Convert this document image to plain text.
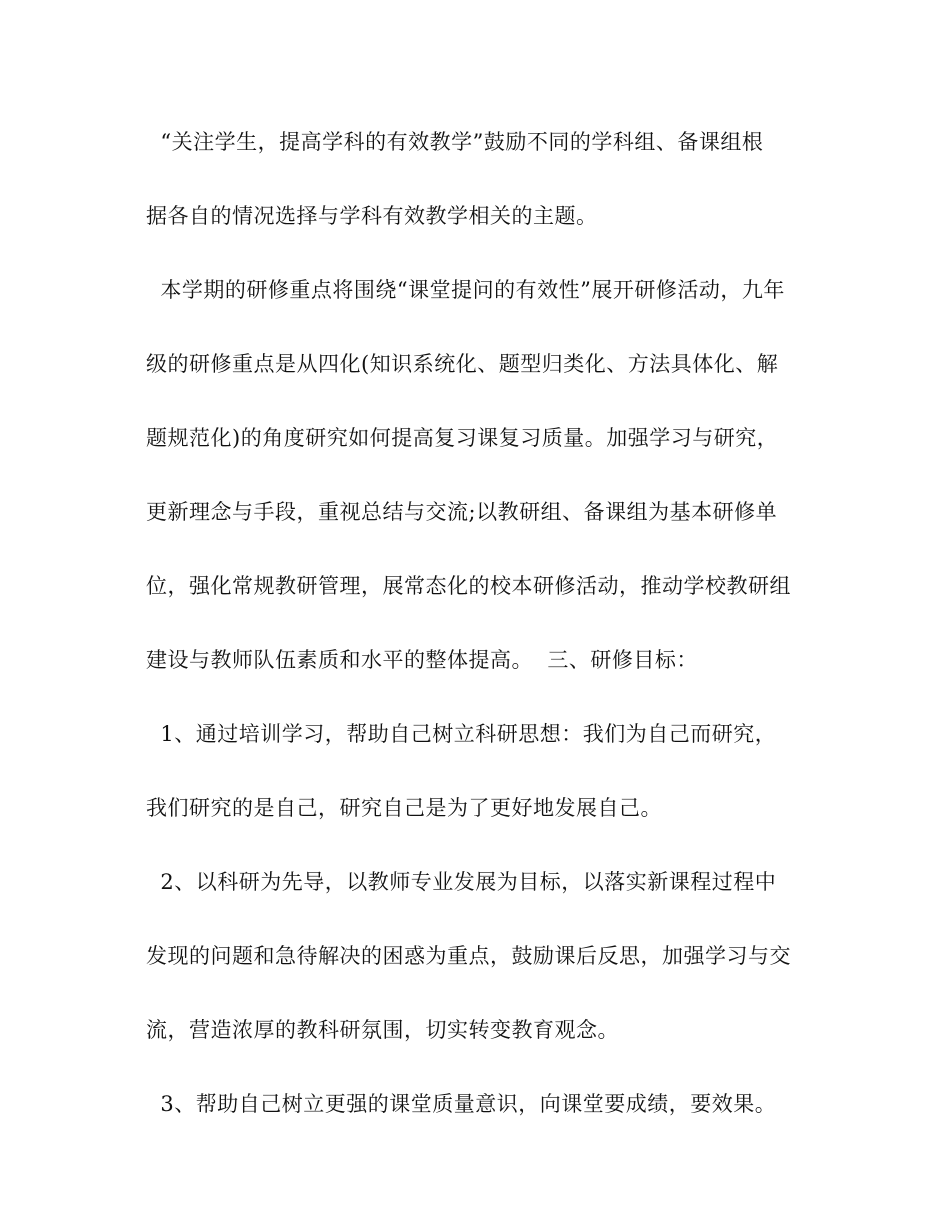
“关注学生，提高学科的有效教学”鼓励不同的学科组、备课组根
据各自的情况选择与学科有效教学相关的主题。
本学期的研修重点将围绕“课堂提问的有效性”展开研修活动，九年
级的研修重点是从四化(知识系统化、题型归类化、方法具体化、解
题规范化)的角度研究如何提高复习课复习质量。加强学习与研究，
更新理念与手段，重视总结与交流;以教研组、备课组为基本研修单
位，强化常规教研管理，展常态化的校本研修活动，推动学校教研组
建设与教师队伍素质和水平的整体提高。  三、研修目标：
1、通过培训学习，帮助自己树立科研思想：我们为自己而研究，
我们研究的是自己，研究自己是为了更好地发展自己。
2、以科研为先导，以教师专业发展为目标，以落实新课程过程中
发现的问题和急待解决的困惑为重点，鼓励课后反思，加强学习与交
流，营造浓厚的教科研氛围，切实转变教育观念。
3、帮助自己树立更强的课堂质量意识，向课堂要成绩，要效果。
